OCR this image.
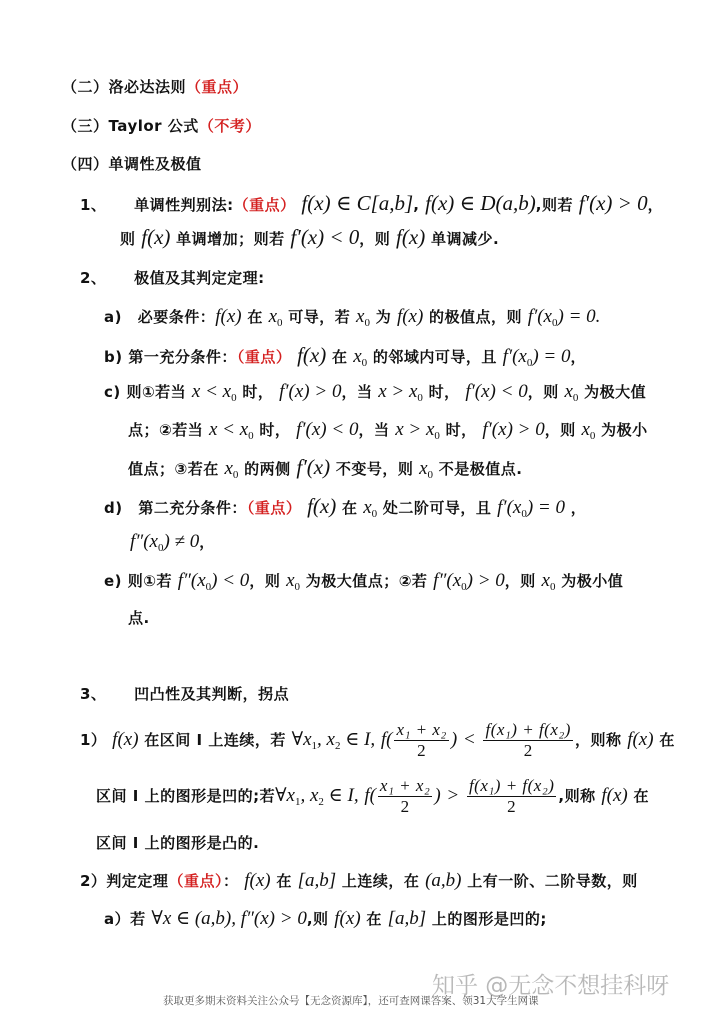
（二）洛必达法则（重点）
（三）Taylor 公式（不考）
（四）单调性及极值
1、 单调性判别法:（重点） f(x) ∈ C[a,b], f(x) ∈ D(a,b),则若 f′(x) > 0，
则 f(x) 单调增加；则若 f′(x) < 0，则 f(x) 单调减少.
2、 极值及其判定定理:
a) 必要条件：f(x) 在 $x_0$ 可导，若 $x_0$ 为 f(x) 的极值点，则 $f'(x_0) = 0$.
b) 第一充分条件：（重点） f(x) 在 $x_0$ 的邻域内可导，且 $f'(x_0) = 0$，
c) 则①若当 $x < x_0$ 时， f′(x) > 0，当 $x > x_0$ 时， f′(x) < 0，则 $x_0$ 为极大值
点；②若当 $x < x_0$ 时， f′(x) < 0，当 $x > x_0$ 时， f′(x) > 0，则 $x_0$ 为极小
值点；③若在 $x_0$ 的两侧 f′(x) 不变号，则 $x_0$ 不是极值点.
d) 第二充分条件：（重点） f(x) 在 $x_0$ 处二阶可导，且 $f'(x_0) = 0$ ，
$f''(x_0) \ne 0$，
e) 则①若 $f''(x_0) < 0$，则 $x_0$ 为极大值点；②若 $f''(x_0) > 0$，则 $x_0$ 为极小值
点.
3、 凹凸性及其判断，拐点
1） f(x) 在区间 I 上连续，若 $\forall x_1$, $x_2$ ∈ I, $f( \frac{\text{x₁ + x₂}}{2}$ ) < $\frac{\text{f(x₁) + f(x₂)}}{2}$ ，则称 f(x) 在
区间 I 上的图形是凹的;若$\forall x_1$, $x_2$ ∈ I, $f( \frac{\text{x₁ + x₂}}{2}$ ) > $\frac{\text{f(x₁) + f(x₂)}}{2}$ ,则称 f(x) 在
区间 I 上的图形是凸的.
2）判定定理（重点）： f(x) 在 [a,b] 上连续，在 (a,b) 上有一阶、二阶导数，则
a）若 ∀x ∈ (a,b), f″(x) > 0,则 f(x) 在 [a,b] 上的图形是凹的;
知乎 @无念不想挂科呀
获取更多期末资料关注公众号【无念资源库】，还可查网课答案、领31大学生网课
